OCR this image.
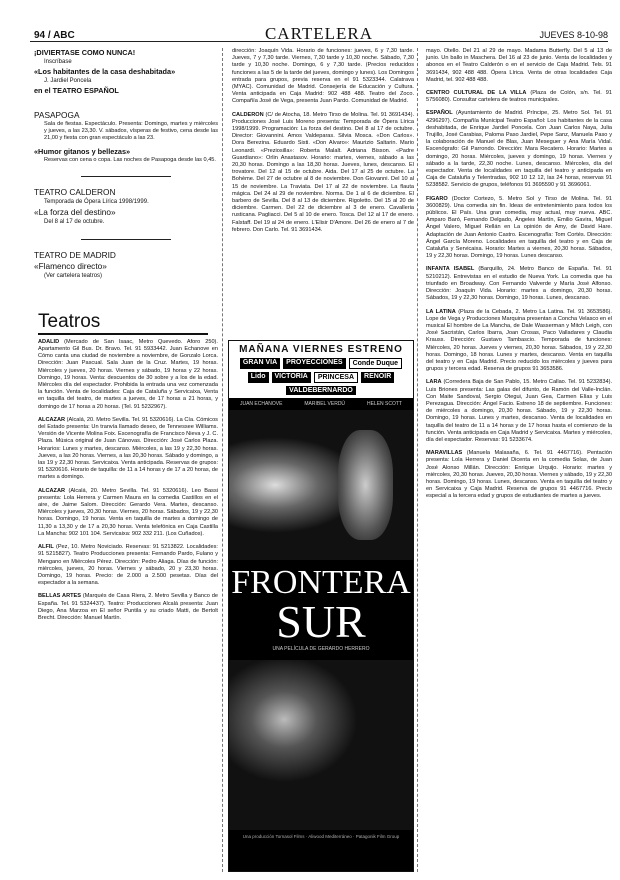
94 / ABC	CARTELERA	JUEVES 8-10-98
¡DIVIERTASE COMO NUNCA!
Inscríbase
«Los habitantes de la casa deshabitada»
J. Jardiel Poncela
en el TEATRO ESPAÑOL
PASAPOGA
Sala de fiestas. Espectáculo. Presenta: Domingo, martes y miércoles y jueves, a las 23,30. V. sábados, vísperas de festivo, cena desde las 21,00 y fiesta con gran espectáculo a las 23.
«Humor gitanos y bellezas»
Reservas con cena o copa. Las noches de Pasapoga desde las 0,45.
TEATRO CALDERON
Temporada de Ópera Lírica 1998/1999.
«La forza del destino»
Del 8 al 17 de octubre.
TEATRO DE MADRID
«Flamenco directo»
(Ver cartelera teatros)
Teatros

ADALID (Mercado de San Isaac, Metro Quevedo. Aforo 250). Apartamento Gil Bus. Dr. Bravo. Tel. 91 5933442. Juan Echanove en Cómo canta una ciudad de noviembre a noviembre, de Gonzalo Lorca. Dirección: Juan Pascual. Sala Juan de la Cruz. Martes, 19 horas. Miércoles y jueves, 20 horas. Viernes y sábado, 19 horas y 22 horas. Domingo, 19 horas. Venta: descuentos de 30 sobre y a los de la edad. Miércoles día del espectador. Prohibida la entrada una vez comenzada la función. Venta de localidades: Caja de Cataluña y Servicaixa, Venta en taquilla del teatro, de martes a jueves, de 17 horas a 21 horas, y domingo de 17 horas a 20 horas. (Tel. 91 5232967).

ALCAZAR (Alcalá, 20. Metro Sevilla. Tel. 91 5320616). La Cía. Cómicos del Estado presenta: Un tranvía llamado deseo, de Tennessee Williams. Versión de Vicente Molina Foix. Escenografía de Francisco Nieva y J. C. Plaza. Música original de Juan Cánovas. Dirección: José Carlos Plaza. Horarios: Lunes y martes, descanso. Miércoles, a las 19 y 22,30 horas. Jueves, a las 20 horas. Viernes, a las 20,30 horas. Sábado y domingo, a las 19 y 22,30 horas. Servicaixa. Venta anticipada. Reservas de grupos: 91 5320616. Horario de taquilla: de 11 a 14 horas y de 17 a 20 horas, de martes a domingo.

ALCAZAR (Alcalá, 20. Metro Sevilla. Tel. 91 5320616). Leo Bassi presenta: Lola Herrera y Carmen Maura en la comedia Castillos en el aire, de Jaime Salom. Dirección: Gerardo Vera. Martes, descanso. Miércoles y jueves, 20,30 horas. Viernes, 20 horas. Sábados, 19 y 22,30 horas. Domingo, 19 horas. Venta en taquilla de martes a domingo de 11,30 a 13,30 y de 17 a 20,30 horas. Venta telefónica en Caja Castilla La Mancha: 902 101 104. Servicaixa: 902 332 211. (Los Cuñados).

ALFIL (Pez, 10. Metro Noviciado. Reservas: 91 5213822. Localidades: 91 5215827). Teatro Producciones presenta: Fernando Pardo, Fulano y Mengano en Miércoles Pérez. Dirección: Pedro Aliaga. Días de función: miércoles, jueves, 20 horas. Viernes y sábado, 20 y 23,30 horas. Domingo, 19 horas. Precio: de 2.000 a 2.500 pesetas. Días del espectador a la semana.

BELLAS ARTES (Marqués de Casa Riera, 2. Metro Sevilla y Banco de España. Tel. 91 5324437). Teatro: Producciones Alcalá presenta: Juan Diego, Ana Marzoa en El señor Puntila y su criado Matti, de Bertolt Brecht. Dirección: Manuel Martín.

dirección: Joaquín Vida. Horario de funciones: jueves, 6 y 7,30 tarde. Jueves, 7 y 7,30 tarde. Viernes, 7,30 tarde y 10,30 noche. Sábado, 7,30 tarde y 10,30 noche. Domingo, 6 y 7,30 tarde. (Precios reducidos funciones a las 5 de la tarde del jueves, domingo y lunes). Los Domingos entrada para grupos, previa reserva en el 91 5323344. Calatrava (MYAC). Comunidad de Madrid. Consejería de Educación y Cultura. Venta anticipada en Caja Madrid: 902 488 488. Teatro del Zoco. Compañía José de Vega, presenta Juan Pardo. Comunidad de Madrid.

CALDERON (C/ de Atocha, 18. Metro Tirso de Molina. Tel. 91 3691434). Producciones José Luis Moreno presenta: Temporada de Ópera Lírica 1998/1999. Programación: La forza del destino. Del 8 al 17 de octubre. Director: Giovannini. Amos Valdeparas. Silvia Mosca. «Don Carlos». Dora Berezina. Eduardo Sisti. «Don Alvaro»: Maurizio Saltarin. Mario Leonardi. «Preziosilla»: Roberta Malalt. Adriana Bisson. «Padre Guardiano»: Orlin Anastasov. Horario: martes, viernes, sábado a las 20,30 horas. Domingo a las 18,30 horas. Jueves, lunes, descanso. El trovatore. Del 12 al 15 de octubre. Aida. Del 17 al 25 de octubre. La Bohème. Del 27 de octubre al 8 de noviembre. Don Giovanni. Del 10 al 15 de noviembre. La Traviata. Del 17 al 22 de noviembre. La flauta mágica. Del 24 al 29 de noviembre. Norma. De 1 al 6 de diciembre. El barbero de Sevilla. Del 8 al 13 de diciembre. Rigoletto. Del 15 al 20 de diciembre. Carmen. Del 22 de diciembre al 3 de enero. Cavalleria rusticana. Pagliacci. Del 5 al 10 de enero. Tosca. Del 12 al 17 de enero. Falstaff. Del 19 al 24 de enero. L'Elisir D'Amore. Del 26 de enero al 7 de febrero. Don Carlo. Tel. 91 3691434.

MAÑANA VIERNES ESTRENO
GRAN VIA	PROYECCIONES	Conde Duque
Lido	VICTORIA	PRINCESA	RENOIR
VALDEBERNARDO
JUAN ECHANOVE	MARIBEL VERDÚ	HELEN SCOTT
FRONTERA
SUR
UNA PELÍCULA DE GERARDO HERRERO
Una producción Tornasol Films · Aliwood Mediterráneo · Patagonik Film Group

mayo. Otello. Del 21 al 29 de mayo. Madama Butterfly. Del 5 al 13 de junio. Un ballo in Maschera. Del 16 al 23 de junio. Venta de localidades y abonos en el Teatro Calderón o en el servicio de Caja Madrid. Tels. 91 3691434, 902 488 488. Ópera Lírica. Venta de otras localidades Caja Madrid, tel. 902 488 488.

CENTRO CULTURAL DE LA VILLA (Plaza de Colón, s/n. Tel. 91 5756080). Consultar cartelera de teatros municipales.

ESPAÑOL (Ayuntamiento de Madrid. Príncipe, 25. Metro Sol. Tel. 91 4296297). Compañía Municipal Teatro Español: Los habitantes de la casa deshabitada, de Enrique Jardiel Poncela. Con Juan Carlos Naya, Julia Trujillo, José Carabias, Paloma Paso Jardiel, Pepe Sanz, Manuela Paso y la colaboración de Manuel de Blas, Juan Meseguer y Ana María Vidal. Escenógrafo: Gil Parrondo. Dirección: Mara Recatero. Horario: Martes a domingo, 20 horas. Miércoles, jueves y domingo, 19 horas. Viernes y sábado a la tarde, 22,30 noche. Lunes, descanso. Miércoles, día del espectador. Venta de localidades en taquilla del teatro y anticipada en Caja de Cataluña y Telentradas, 902 10 12 12, las 24 horas, reservas 91 5238582. Servicio de grupos, teléfonos 91 3695590 y 91 3696061.

FIGARO (Doctor Cortezo, 5. Metro Sol y Tirso de Molina. Tel. 91 3600829). Una comedia sin fin. Ideas de entretenimiento para todos los públicos. El País. Una gran comedia, muy actual, muy nueva. ABC. Amparo Baró, Fernando Delgado, Ángeles Martín, Emilio Gavira, Miguel Ángel Valero, Miguel Rellán en La opinión de Amy, de David Hare. Adaptación de Juan Antonio Castro. Escenografía: Tom Cortés. Dirección: Ángel García Moreno. Localidades en taquilla del teatro y en Caja de Cataluña y Servicaixa. Horario: Martes a viernes, 20,30 horas. Sábados, 19 y 22,30 horas. Domingo, 19 horas. Lunes descanso.

INFANTA ISABEL (Barquillo, 24. Metro Banco de España. Tel. 91 5210212). Entrevistas en el estudio de Nueva York. La comedia que ha triunfado en Broadway. Con Fernando Valverde y María José Alfonso. Dirección: Joaquín Vida. Horario: martes a domingo, 20,30 horas. Sábados, 19 y 22,30 horas. Domingo, 19 horas. Lunes, descanso.

LA LATINA (Plaza de la Cebada, 2. Metro La Latina. Tel. 91 3653586). Lope de Vega y Producciones Marquina presentan a Concha Velasco en el musical El hombre de La Mancha, de Dale Wasserman y Mitch Leigh, con José Sacristán, Carlos Ibarra, Joan Crosas, Paco Valladares y Claudia Krauss. Dirección: Gustavo Tambascio. Temporada de funciones: Miércoles, 20 horas. Jueves y viernes, 20,30 horas. Sábados, 19 y 22,30 horas. Domingo, 18 horas. Lunes y martes, descanso. Venta en taquilla del teatro y en Caja Madrid. Precio reducido los miércoles y jueves para grupos y tercera edad. Reserva de grupos 91 3653586.

LARA (Corredera Baja de San Pablo, 15. Metro Callao. Tel. 91 5232834). Luis Briones presenta: Las galas del difunto, de Ramón del Valle-Inclán. Con Maite Sandoval, Sergio Otegui, Juan Gea, Carmen Elías y Luis Perezagua. Dirección: Ángel Facio. Estreno 18 de septiembre. Funciones: de miércoles a domingo, 20,30 horas. Sábado, 19 y 22,30 horas. Domingo, 19 horas. Lunes y martes, descanso. Venta de localidades en taquilla del teatro de 11 a 14 horas y de 17 horas hasta el comienzo de la función. Venta anticipada en Caja Madrid y Servicaixa. Martes y miércoles, día del espectador. Reservas: 91 5233674.

MARAVILLAS (Manuela Malasaña, 6. Tel. 91 4467716). Pentación presenta: Lola Herrera y Daniel Dicenta en la comedia Solas, de Juan José Alonso Millán. Dirección: Enrique Urquijo. Horario: martes y miércoles, 20,30 horas. Jueves, 20,30 horas. Viernes y sábado, 19 y 22,30 horas. Domingo, 19 horas. Lunes, descanso. Venta en taquilla del teatro y en Servicaixa y Caja Madrid. Reserva de grupos 91 4467716. Precio especial a la tercera edad y grupos de estudiantes de martes a jueves.
